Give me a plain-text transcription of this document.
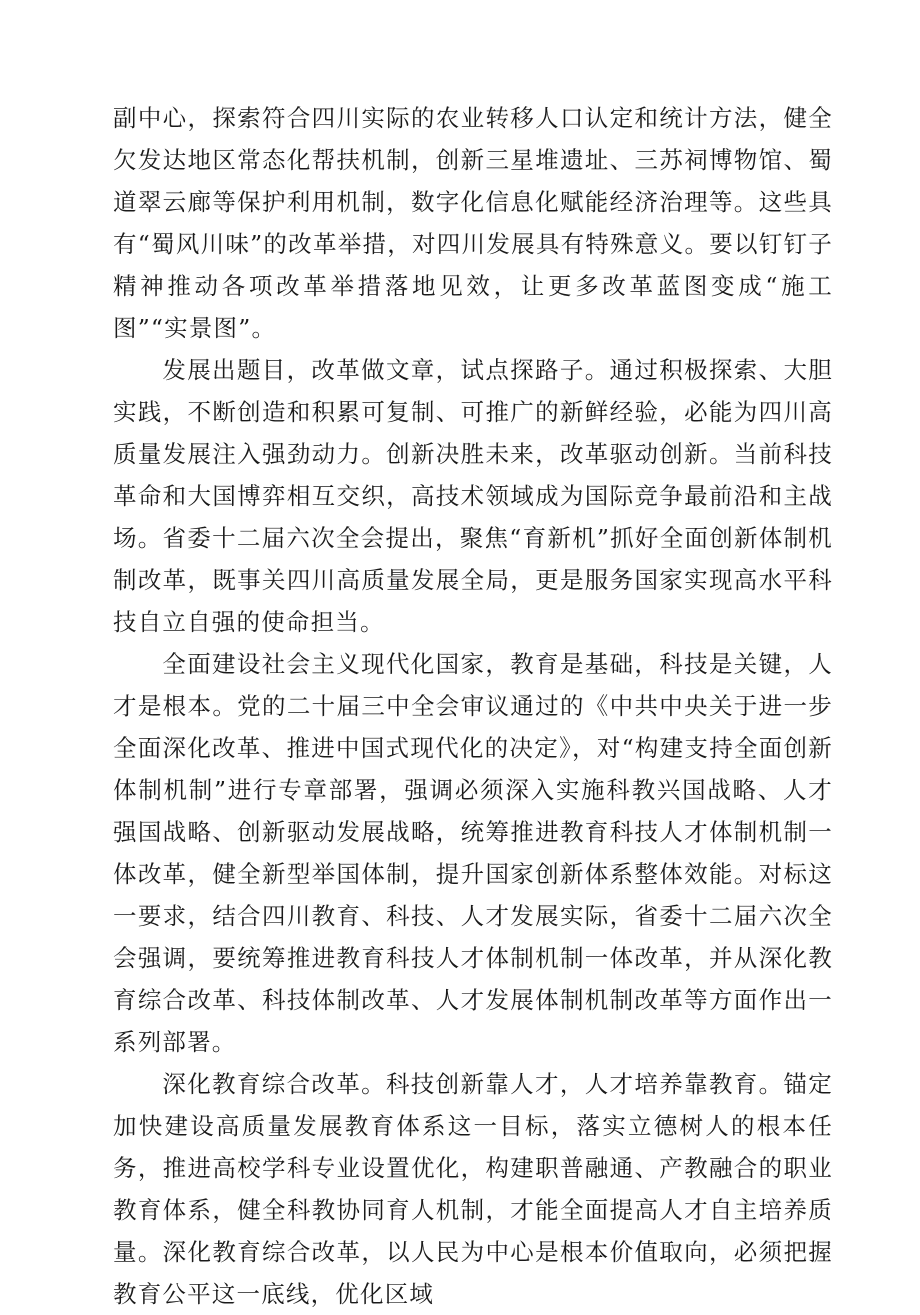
副中心，探索符合四川实际的农业转移人口认定和统计方法，健全欠发达地区常态化帮扶机制，创新三星堆遗址、三苏祠博物馆、蜀道翠云廊等保护利用机制，数字化信息化赋能经济治理等。这些具有“蜀风川味”的改革举措，对四川发展具有特殊意义。要以钉钉子精神推动各项改革举措落地见效，让更多改革蓝图变成“施工图”“实景图”。

发展出题目，改革做文章，试点探路子。通过积极探索、大胆实践，不断创造和积累可复制、可推广的新鲜经验，必能为四川高质量发展注入强劲动力。创新决胜未来，改革驱动创新。当前科技革命和大国博弈相互交织，高技术领域成为国际竞争最前沿和主战场。省委十二届六次全会提出，聚焦“育新机”抓好全面创新体制机制改革，既事关四川高质量发展全局，更是服务国家实现高水平科技自立自强的使命担当。

全面建设社会主义现代化国家，教育是基础，科技是关键，人才是根本。党的二十届三中全会审议通过的《中共中央关于进一步全面深化改革、推进中国式现代化的决定》，对“构建支持全面创新体制机制”进行专章部署，强调必须深入实施科教兴国战略、人才强国战略、创新驱动发展战略，统筹推进教育科技人才体制机制一体改革，健全新型举国体制，提升国家创新体系整体效能。对标这一要求，结合四川教育、科技、人才发展实际，省委十二届六次全会强调，要统筹推进教育科技人才体制机制一体改革，并从深化教育综合改革、科技体制改革、人才发展体制机制改革等方面作出一系列部署。

深化教育综合改革。科技创新靠人才，人才培养靠教育。锚定加快建设高质量发展教育体系这一目标，落实立德树人的根本任务，推进高校学科专业设置优化，构建职普融通、产教融合的职业教育体系，健全科教协同育人机制，才能全面提高人才自主培养质量。深化教育综合改革，以人民为中心是根本价值取向，必须把握教育公平这一底线，优化区域
